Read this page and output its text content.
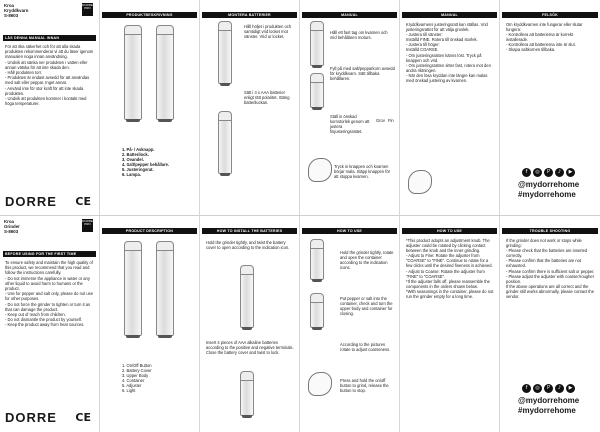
Kroa
Kryddkvarn
S-8603
DORRE
PRO
LÄS DENNA MANUAL INNAN
För att öka säkerhet och för att alla skada produkten rekommenderar vi att du läser igenom manualen noga innan användning.
- Undvik att sänka ner produkten i vatten eller annan vätska för att inte skada den.
- Håll produkten torr.
- Produkten är endast avsedd för att användas med salt eller peppar. Inget annat.
- Använd inte för stor kraft för att inte skada produkten.
- Undvik att produkten kommer i kontakt med höga temperaturer.
DORRE CE
PRODUKTBESKRIVNING
1. På- / Avknapp.
2. Batterilock.
3. Ovandel.
4. Salt/pepper behållare.
5. Justeringsrat.
6. Lampa.
MONTERA BATTERIER
Håll höljet i produkten och samtidigt vrid locket mot vänster. Vrid ur locket.
Sätt i 4 x AAA batterier enligt rätt polaritet. Stäng batteriluckan.
MANUAL
Håll ett fast tag om kvarnen och vrid behållaren moturs.
Fyll på med salt/pepparkorn avsedd för kryddkvarn. Sätt tillbaka behållaren.
Ställ in önskad kornstorlek genom att justera finjusteringsrattet.
Grov Fin
Tryck in knappen och kvarnen börjar mala. Släpp knappen för att stoppa kvarnen.
MANUAL
Kryddkvarnens justeringsratt kan ställas. Vrid justeringsrattet för att välja grovlek.
- Justera till vänster:
Inställd FINE. Rotera till önskad storlek.
- Justera till höger:
Inställd COARSE.
- Om justeringsratten känns löst. Tryck på knappen och vrid.
- Om justeringsratten sitter fast, rotera mot den andra riktningen.
- När den lösa kryddan inte längre kan malas med önskad justering av kvarnen.
FELSÖK
Om kryddkvarnen inte fungerar eller slutar fungera:
- Kontrollera att batterierna är korrekt installerade.
- Kontrollera att batterierna inte är slut.
- Skapa saltkornen tillbaka.
f	◎	P	♪	▶
@mydorrehome
#mydorrehome
Kroa
Grinder
S-8603
DORRE
PRO
BEFORE USING FOR THE FIRST TIME
To ensure safety and maintain the high quality of this product, we recommend that you read and follow the instructions carefully.
- Do not immerse the appliance in water or any other liquid to avoid harm to humans or the product.
- Use for pepper and salt only, please do not use for other purposes.
- Do not force the grinder to tighten or turn it as that can damage the product.
- Keep out of reach from children.
- Do not dismantle the product by yourself.
- Keep the product away from heat sources.
DORRE CE
PRODUCT DESCRIPTION
1. On/Off Button
2. Battery Cover
3. Upper Body
4. Container
5. Adjuster
6. Light
HOW TO INSTALL THE BATTERIES
Hold the grinder tightly, and twist the battery cover to open according to the indication icon.
Insert 4 pieces of AAA alkaline batteries according to the positive and negative terminals. Close the battery cover and twist to lock.
HOW TO USE
Hold the grinder tightly, rotate and open the container according to the indication icons.
Put pepper or salt into the container, check and turn the upper body and container for closing.
According to the pictures rotate to adjust coarseness.
Press and hold the on/off button to grind, release the button to stop.
HOW TO USE
*This product adopts an adjustment knob. The adjuster could be rotated by clicking contact between the knob and the inner grinding.
- Adjust to Fine: Rotate the adjuster from "COARSE" to "FINE". Continue to rotate for a few clicks until the desired fineness is achieved.
- Adjust to Coarse: Rotate the adjuster from "FINE" to "COARSE".
*If the adjuster falls off, please reassemble the components in the orders shown below.
*With seasonings in the container, please do not run the grinder empty for a long time.
TROUBLE SHOOTING
If the grinder does not work or stops while grinding:
- Please check that the batteries are inserted correctly.
- Please confirm that the batteries are not exhausted.
- Please confirm there is sufficient salt or pepper.
- Please adjust the adjuster with coarser/rougher position.
If the above operations are all correct and the grinder still works abnormally, please contact the vendor.
f	◎	P	♪	▶
@mydorrehome
#mydorrehome
